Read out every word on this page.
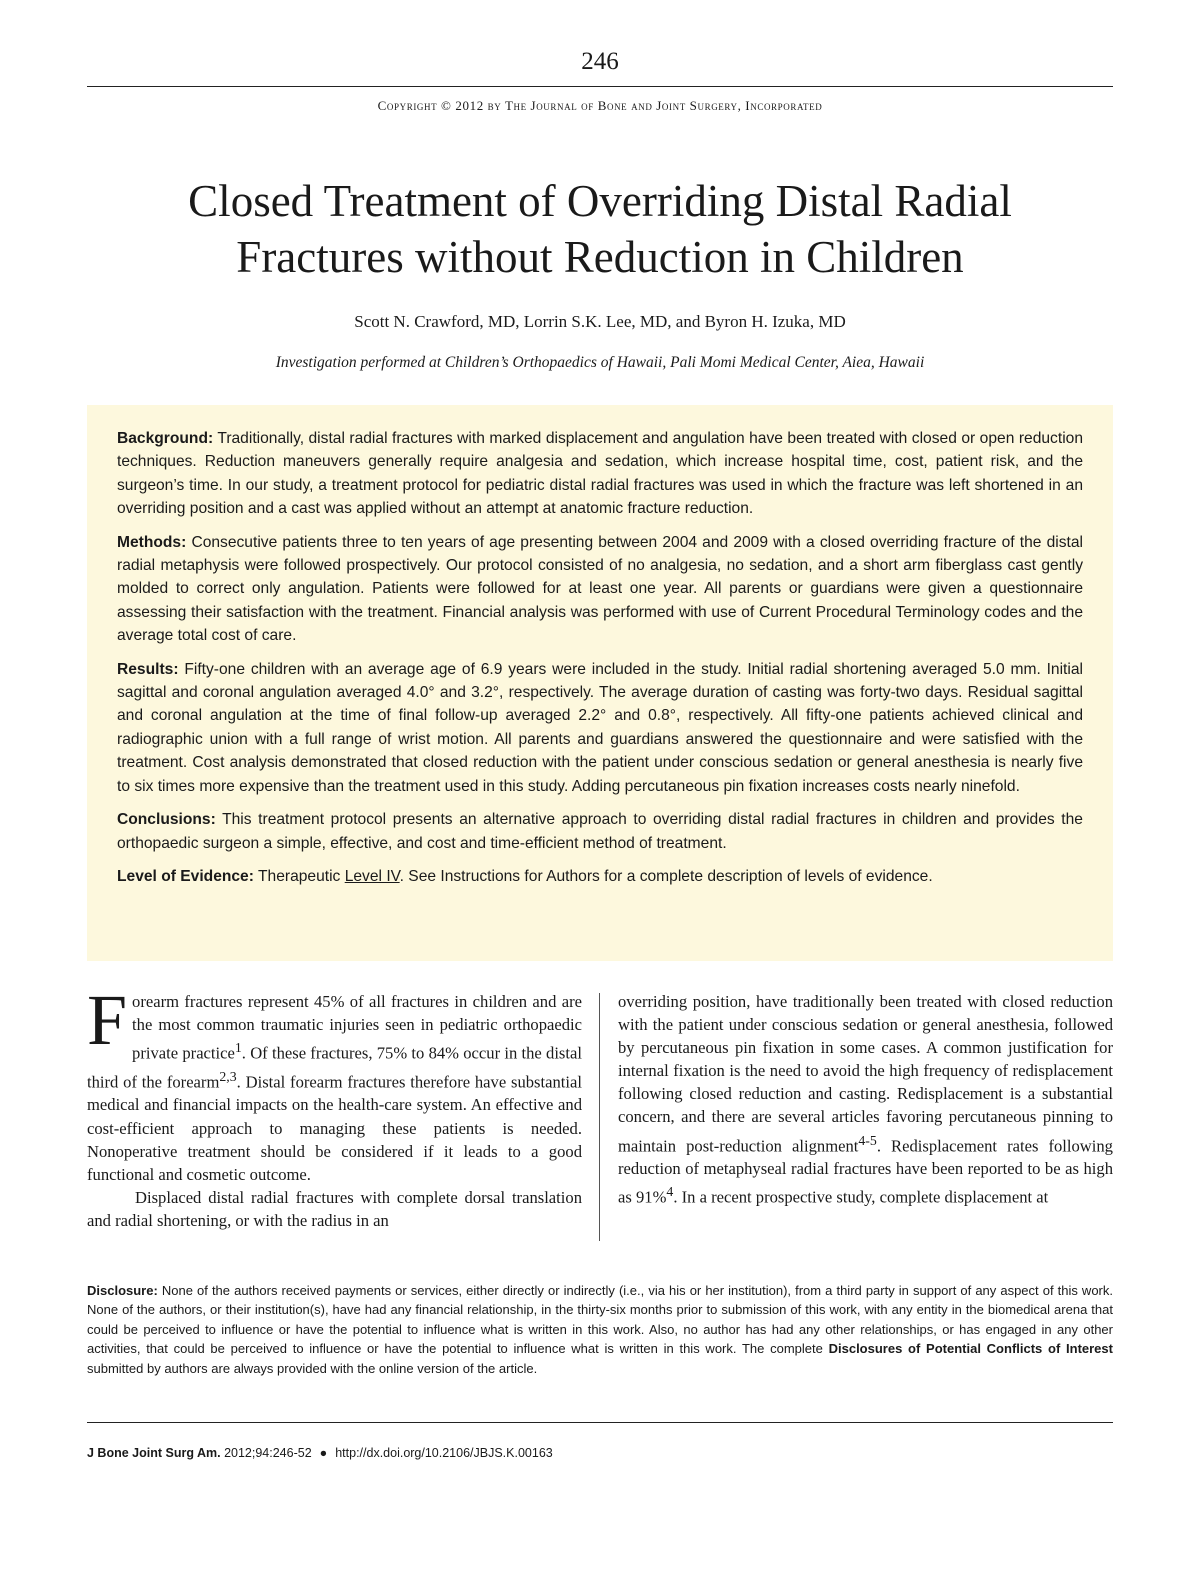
246
Copyright © 2012 by The Journal of Bone and Joint Surgery, Incorporated
Closed Treatment of Overriding Distal Radial
Fractures without Reduction in Children
Scott N. Crawford, MD, Lorrin S.K. Lee, MD, and Byron H. Izuka, MD
Investigation performed at Children’s Orthopaedics of Hawaii, Pali Momi Medical Center, Aiea, Hawaii

Background: Traditionally, distal radial fractures with marked displacement and angulation have been treated with closed or open reduction techniques. Reduction maneuvers generally require analgesia and sedation, which increase hospital time, cost, patient risk, and the surgeon’s time. In our study, a treatment protocol for pediatric distal radial fractures was used in which the fracture was left shortened in an overriding position and a cast was applied without an attempt at anatomic fracture reduction.

Methods: Consecutive patients three to ten years of age presenting between 2004 and 2009 with a closed overriding fracture of the distal radial metaphysis were followed prospectively. Our protocol consisted of no analgesia, no sedation, and a short arm fiberglass cast gently molded to correct only angulation. Patients were followed for at least one year. All parents or guardians were given a questionnaire assessing their satisfaction with the treatment. Financial analysis was performed with use of Current Procedural Terminology codes and the average total cost of care.

Results: Fifty-one children with an average age of 6.9 years were included in the study. Initial radial shortening averaged 5.0 mm. Initial sagittal and coronal angulation averaged 4.0° and 3.2°, respectively. The average duration of casting was forty-two days. Residual sagittal and coronal angulation at the time of final follow-up averaged 2.2° and 0.8°, respectively. All fifty-one patients achieved clinical and radiographic union with a full range of wrist motion. All parents and guardians answered the questionnaire and were satisfied with the treatment. Cost analysis demonstrated that closed reduction with the patient under conscious sedation or general anesthesia is nearly five to six times more expensive than the treatment used in this study. Adding percutaneous pin fixation increases costs nearly ninefold.

Conclusions: This treatment protocol presents an alternative approach to overriding distal radial fractures in children and provides the orthopaedic surgeon a simple, effective, and cost and time-efficient method of treatment.

Level of Evidence: Therapeutic Level IV. See Instructions for Authors for a complete description of levels of evidence.

Forearm fractures represent 45% of all fractures in children and are the most common traumatic injuries seen in pediatric orthopaedic private practice$^1$. Of these fractures, 75% to 84% occur in the distal third of the forearm$^{2,3}$. Distal forearm fractures therefore have substantial medical and financial impacts on the health-care system. An effective and cost-efficient approach to managing these patients is needed. Nonoperative treatment should be considered if it leads to a good functional and cosmetic outcome.

Displaced distal radial fractures with complete dorsal translation and radial shortening, or with the radius in an

overriding position, have traditionally been treated with closed reduction with the patient under conscious sedation or general anesthesia, followed by percutaneous pin fixation in some cases. A common justification for internal fixation is the need to avoid the high frequency of redisplacement following closed reduction and casting. Redisplacement is a substantial concern, and there are several articles favoring percutaneous pinning to maintain post-reduction alignment$^{4-5}$. Redisplacement rates following reduction of metaphyseal radial fractures have been reported to be as high as 91%$^4$. In a recent prospective study, complete displacement at

Disclosure: None of the authors received payments or services, either directly or indirectly (i.e., via his or her institution), from a third party in support of any aspect of this work. None of the authors, or their institution(s), have had any financial relationship, in the thirty-six months prior to submission of this work, with any entity in the biomedical arena that could be perceived to influence or have the potential to influence what is written in this work. Also, no author has had any other relationships, or has engaged in any other activities, that could be perceived to influence or have the potential to influence what is written in this work. The complete Disclosures of Potential Conflicts of Interest submitted by authors are always provided with the online version of the article.
J Bone Joint Surg Am. 2012;94:246-52 ● http://dx.doi.org/10.2106/JBJS.K.00163
